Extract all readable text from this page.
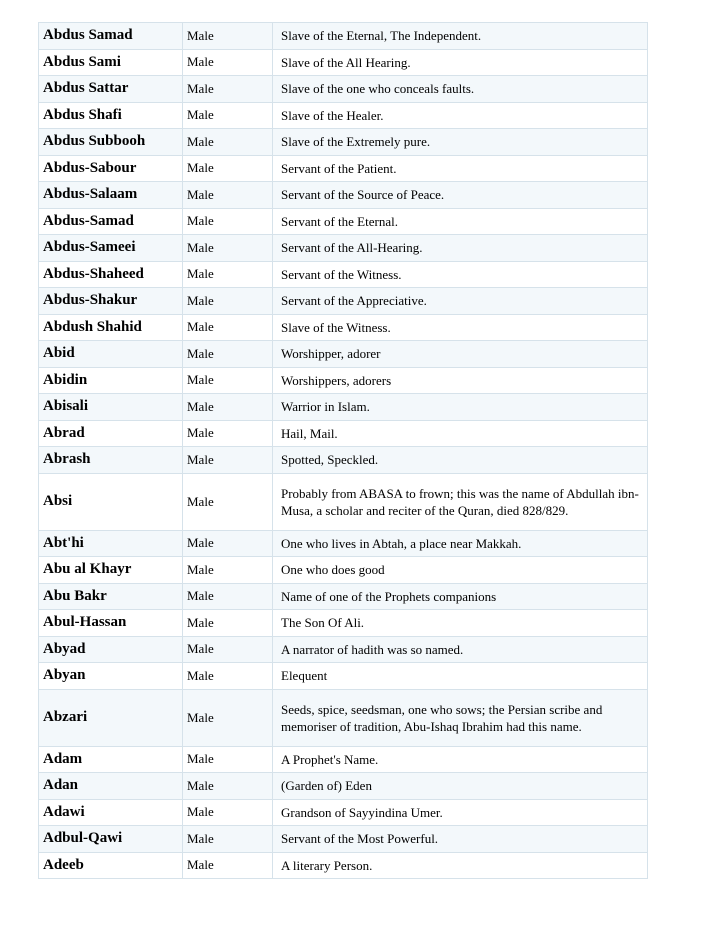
Abdus Samad	Male	Slave of the Eternal, The Independent.
Abdus Sami	Male	Slave of the All Hearing.
Abdus Sattar	Male	Slave of the one who conceals faults.
Abdus Shafi	Male	Slave of the Healer.
Abdus Subbooh	Male	Slave of the Extremely pure.
Abdus-Sabour	Male	Servant of the Patient.
Abdus-Salaam	Male	Servant of the Source of Peace.
Abdus-Samad	Male	Servant of the Eternal.
Abdus-Sameei	Male	Servant of the All-Hearing.
Abdus-Shaheed	Male	Servant of the Witness.
Abdus-Shakur	Male	Servant of the Appreciative.
Abdush Shahid	Male	Slave of the Witness.
Abid	Male	Worshipper, adorer
Abidin	Male	Worshippers, adorers
Abisali	Male	Warrior in Islam.
Abrad	Male	Hail, Mail.
Abrash	Male	Spotted, Speckled.
Absi	Male	Probably from ABASA to frown; this was the name of Abdullah ibn-Musa, a scholar and reciter of the Quran, died 828/829.
Abt'hi	Male	One who lives in Abtah, a place near Makkah.
Abu al Khayr	Male	One who does good
Abu Bakr	Male	Name of one of the Prophets companions
Abul-Hassan	Male	The Son Of Ali.
Abyad	Male	A narrator of hadith was so named.
Abyan	Male	Elequent
Abzari	Male	Seeds, spice, seedsman, one who sows; the Persian scribe and memoriser of tradition, Abu-Ishaq Ibrahim had this name.
Adam	Male	A Prophet's Name.
Adan	Male	(Garden of) Eden
Adawi	Male	Grandson of Sayyindina Umer.
Adbul-Qawi	Male	Servant of the Most Powerful.
Adeeb	Male	A literary Person.
